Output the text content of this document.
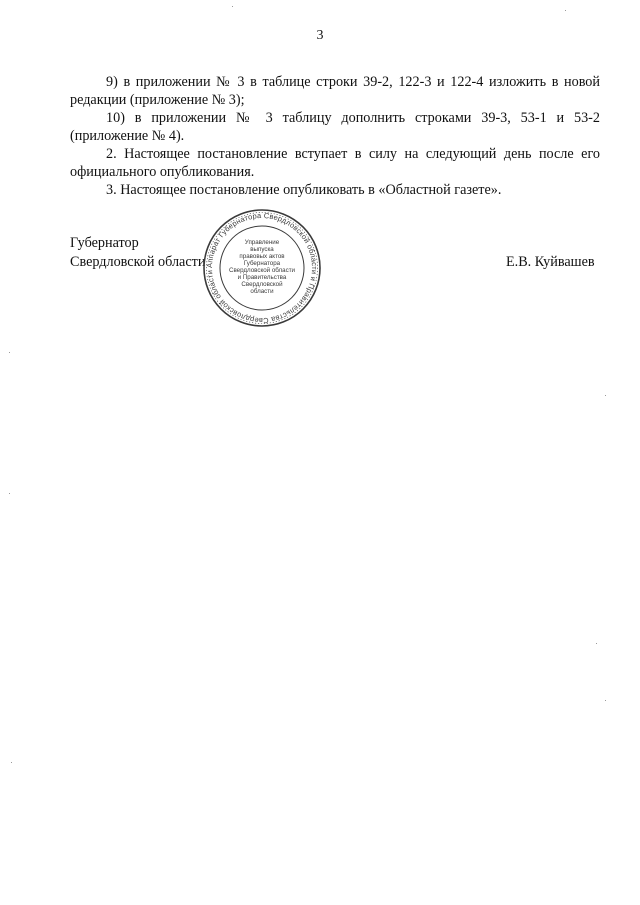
3

9) в приложении № 3 в таблице строки 39-2, 122-3 и 122-4 изложить в новой редакции (приложение № 3);

10) в приложении № 3 таблицу дополнить строками 39-3, 53-1 и 53-2 (приложение № 4).

2. Настоящее постановление вступает в силу на следующий день после его официального опубликования.

3. Настоящее постановление опубликовать в «Областной газете».

Губернатор
Свердловской области	Е.В. Куйвашев
Аппарат Губернатора Свердловской области и Правительства Свердловской области
Управление
выпуска
правовых актов
Губернатора
Свердловской области
и Правительства
Свердловской
области
